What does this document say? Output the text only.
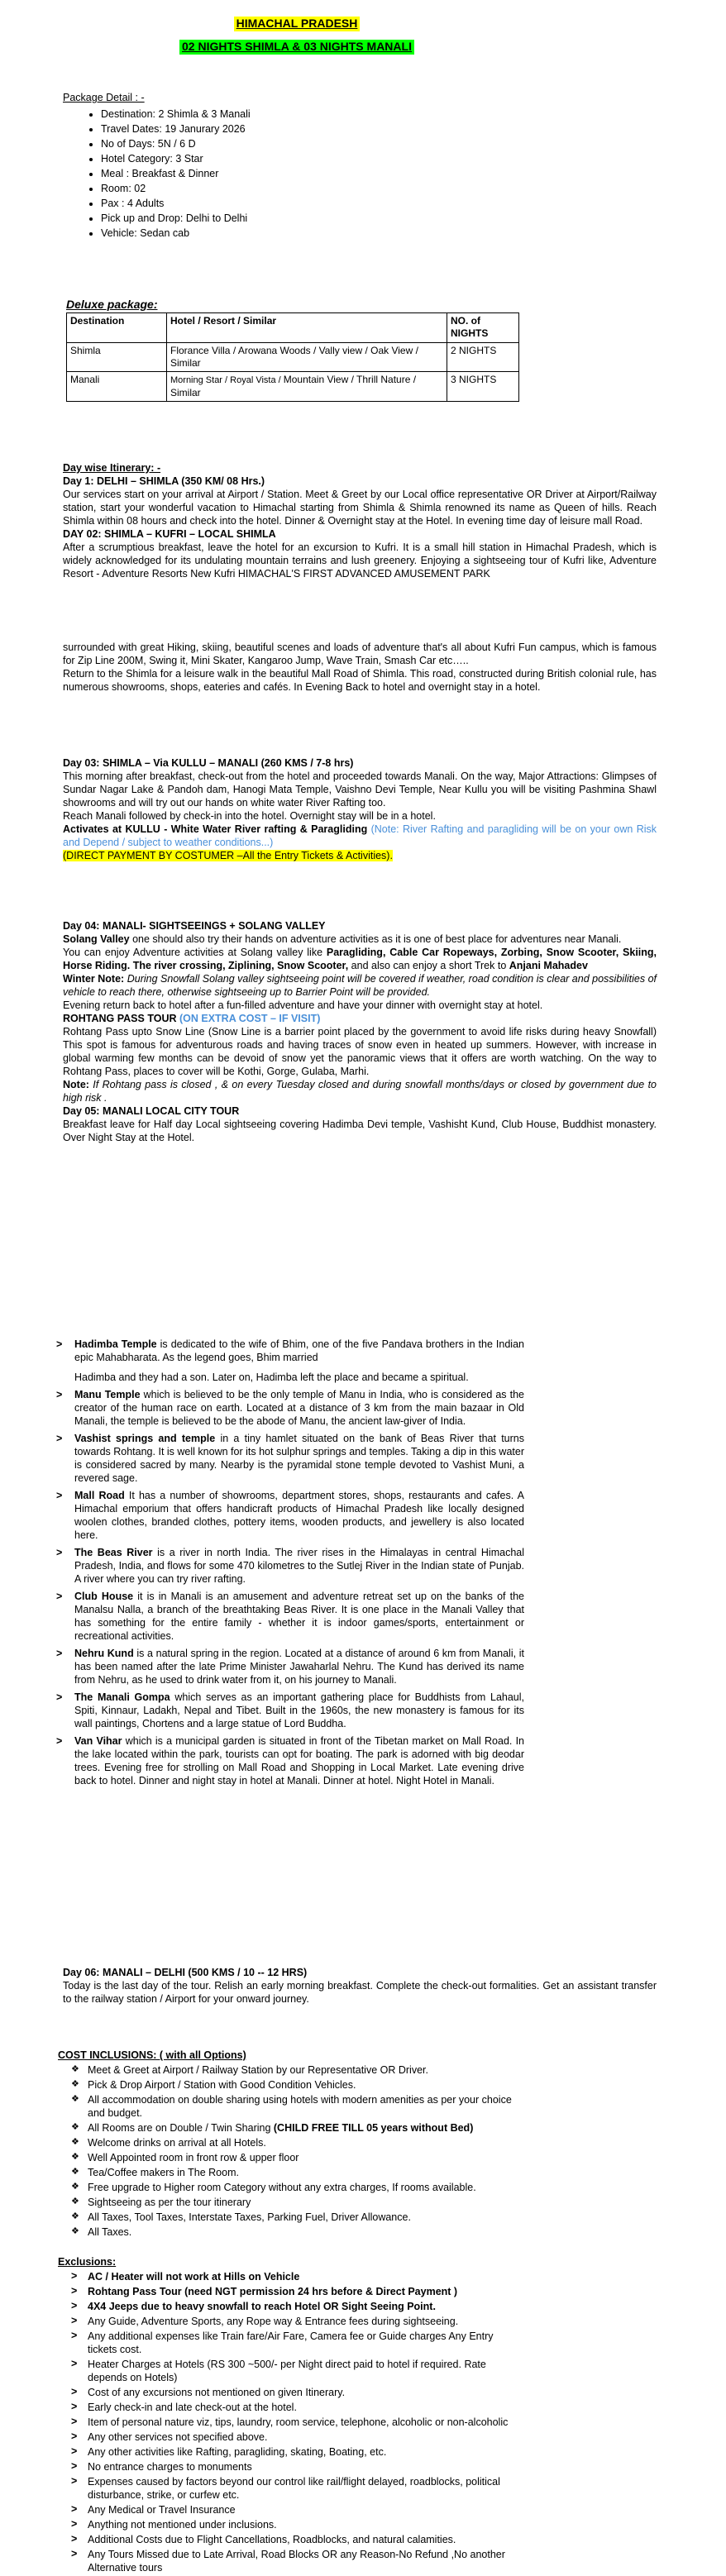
HIMACHAL PRADESH
02 NIGHTS SHIMLA & 03 NIGHTS MANALI

Package Detail : -

• Destination: 2 Shimla & 3 Manali
• Travel Dates: 19 Janurary 2026
• No of Days: 5N / 6 D
• Hotel Category: 3 Star
• Meal : Breakfast & Dinner
• Room: 02
• Pax : 4 Adults
• Pick up and Drop: Delhi to Delhi
• Vehicle: Sedan cab

Deluxe package:

Destination	Hotel / Resort / Similar	NO. of NIGHTS
Shimla	Florance Villa / Arowana Woods / Vally view / Oak View / Similar	2 NIGHTS
Manali	Morning Star / Royal Vista / Mountain View / Thrill Nature / Similar	3 NIGHTS

Day wise Itinerary: -

Day 1: DELHI – SHIMLA (350 KM/ 08 Hrs.)

Our services start on your arrival at Airport / Station. Meet & Greet by our Local office representative OR Driver at Airport/Railway station, start your wonderful vacation to Himachal starting from Shimla & Shimla renowned its name as Queen of hills. Reach Shimla within 08 hours and check into the hotel. Dinner & Overnight stay at the Hotel. In evening time day of leisure mall Road.

DAY 02: SHIMLA – KUFRI – LOCAL SHIMLA

After a scrumptious breakfast, leave the hotel for an excursion to Kufri. It is a small hill station in Himachal Pradesh, which is widely acknowledged for its undulating mountain terrains and lush greenery. Enjoying a sightseeing tour of Kufri like, Adventure Resort - Adventure Resorts New Kufri HIMACHAL'S FIRST ADVANCED AMUSEMENT PARK

surrounded with great Hiking, skiing, beautiful scenes and loads of adventure that's all about Kufri Fun campus, which is famous for Zip Line 200M, Swing it, Mini Skater, Kangaroo Jump, Wave Train, Smash Car etc…..

Return to the Shimla for a leisure walk in the beautiful Mall Road of Shimla. This road, constructed during British colonial rule, has numerous showrooms, shops, eateries and cafés. In Evening Back to hotel and overnight stay in a hotel.

Day 03: SHIMLA – Via KULLU – MANALI (260 KMS / 7-8 hrs)

This morning after breakfast, check-out from the hotel and proceeded towards Manali. On the way, Major Attractions: Glimpses of Sundar Nagar Lake & Pandoh dam, Hanogi Mata Temple, Vaishno Devi Temple, Near Kullu you will be visiting Pashmina Shawl showrooms and will try out our hands on white water River Rafting too.

Reach Manali followed by check-in into the hotel. Overnight stay will be in a hotel.

Activates at KULLU - White Water River rafting & Paragliding (Note: River Rafting and paragliding will be on your own Risk and Depend / subject to weather conditions...)

(DIRECT PAYMENT BY COSTUMER –All the Entry Tickets & Activities).

Day 04: MANALI- SIGHTSEEINGS + SOLANG VALLEY

Solang Valley one should also try their hands on adventure activities as it is one of best place for adventures near Manali.

You can enjoy Adventure activities at Solang valley like Paragliding, Cable Car Ropeways, Zorbing, Snow Scooter, Skiing, Horse Riding. The river crossing, Ziplining, Snow Scooter, and also can enjoy a short Trek to Anjani Mahadev

Winter Note: During Snowfall Solang valley sightseeing point will be covered if weather, road condition is clear and possibilities of vehicle to reach there, otherwise sightseeing up to Barrier Point will be provided.

Evening return back to hotel after a fun-filled adventure and have your dinner with overnight stay at hotel.

ROHTANG PASS TOUR (ON EXTRA COST – IF VISIT)

Rohtang Pass upto Snow Line (Snow Line is a barrier point placed by the government to avoid life risks during heavy Snowfall) This spot is famous for adventurous roads and having traces of snow even in heated up summers. However, with increase in global warming few months can be devoid of snow yet the panoramic views that it offers are worth watching. On the way to Rohtang Pass, places to cover will be Kothi, Gorge, Gulaba, Marhi.

Note: If Rohtang pass is closed , & on every Tuesday closed and during snowfall months/days or closed by government due to high risk .

Day 05: MANALI LOCAL CITY TOUR

Breakfast leave for Half day Local sightseeing covering Hadimba Devi temple, Vashisht Kund, Club House, Buddhist monastery. Over Night Stay at the Hotel.

> Hadimba Temple is dedicated to the wife of Bhim, one of the five Pandava brothers in the Indian epic Mahabharata. As the legend goes, Bhim married
Hadimba and they had a son. Later on, Hadimba left the place and became a spiritual.
> Manu Temple which is believed to be the only temple of Manu in India, who is considered as the creator of the human race on earth. Located at a distance of 3 km from the main bazaar in Old Manali, the temple is believed to be the abode of Manu, the ancient law-giver of India.
> Vashist springs and temple in a tiny hamlet situated on the bank of Beas River that turns towards Rohtang. It is well known for its hot sulphur springs and temples. Taking a dip in this water is considered sacred by many. Nearby is the pyramidal stone temple devoted to Vashist Muni, a revered sage.
> Mall Road It has a number of showrooms, department stores, shops, restaurants and cafes. A Himachal emporium that offers handicraft products of Himachal Pradesh like locally designed woolen clothes, branded clothes, pottery items, wooden products, and jewellery is also located here.
> The Beas River is a river in north India. The river rises in the Himalayas in central Himachal Pradesh, India, and flows for some 470 kilometres to the Sutlej River in the Indian state of Punjab. A river where you can try river rafting.
> Club House it is in Manali is an amusement and adventure retreat set up on the banks of the Manalsu Nalla, a branch of the breathtaking Beas River. It is one place in the Manali Valley that has something for the entire family - whether it is indoor games/sports, entertainment or recreational activities.
> Nehru Kund is a natural spring in the region. Located at a distance of around 6 km from Manali, it has been named after the late Prime Minister Jawaharlal Nehru. The Kund has derived its name from Nehru, as he used to drink water from it, on his journey to Manali.
> The Manali Gompa which serves as an important gathering place for Buddhists from Lahaul, Spiti, Kinnaur, Ladakh, Nepal and Tibet. Built in the 1960s, the new monastery is famous for its wall paintings, Chortens and a large statue of Lord Buddha.
> Van Vihar which is a municipal garden is situated in front of the Tibetan market on Mall Road. In the lake located within the park, tourists can opt for boating. The park is adorned with big deodar trees. Evening free for strolling on Mall Road and Shopping in Local Market. Late evening drive back to hotel. Dinner and night stay in hotel at Manali. Dinner at hotel. Night Hotel in Manali.

Day 06: MANALI – DELHI (500 KMS / 10 -- 12 HRS)

Today is the last day of the tour. Relish an early morning breakfast. Complete the check-out formalities. Get an assistant transfer to the railway station / Airport for your onward journey.

COST INCLUSIONS: ( with all Options)

❖ Meet & Greet at Airport / Railway Station by our Representative OR Driver.
❖ Pick & Drop Airport / Station with Good Condition Vehicles.
❖ All accommodation on double sharing using hotels with modern amenities as per your choice and budget.
❖ All Rooms are on Double / Twin Sharing (CHILD FREE TILL 05 years without Bed)
❖ Welcome drinks on arrival at all Hotels.
❖ Well Appointed room in front row & upper floor
❖ Tea/Coffee makers in The Room.
❖ Free upgrade to Higher room Category without any extra charges, If rooms available.
❖ Sightseeing as per the tour itinerary
❖ All Taxes, Tool Taxes, Interstate Taxes, Parking Fuel, Driver Allowance.
❖ All Taxes.

Exclusions:

> AC / Heater will not work at Hills on Vehicle
> Rohtang Pass Tour (need NGT permission 24 hrs before & Direct Payment )
> 4X4 Jeeps due to heavy snowfall to reach Hotel OR Sight Seeing Point.
> Any Guide, Adventure Sports, any Rope way & Entrance fees during sightseeing.
> Any additional expenses like Train fare/Air Fare, Camera fee or Guide charges Any Entry tickets cost.
> Heater Charges at Hotels (RS 300 ~500/- per Night direct paid to hotel if required. Rate depends on Hotels)
> Cost of any excursions not mentioned on given Itinerary.
> Early check-in and late check-out at the hotel.
> Item of personal nature viz, tips, laundry, room service, telephone, alcoholic or non-alcoholic
> Any other services not specified above.
> Any other activities like Rafting, paragliding, skating, Boating, etc.
> No entrance charges to monuments
> Expenses caused by factors beyond our control like rail/flight delayed, roadblocks, political disturbance, strike, or curfew etc.
> Any Medical or Travel Insurance
> Anything not mentioned under inclusions.
> Additional Costs due to Flight Cancellations, Roadblocks, and natural calamities.
> Any Tours Missed due to Late Arrival, Road Blocks OR any Reason-No Refund ,No another Alternative tours
